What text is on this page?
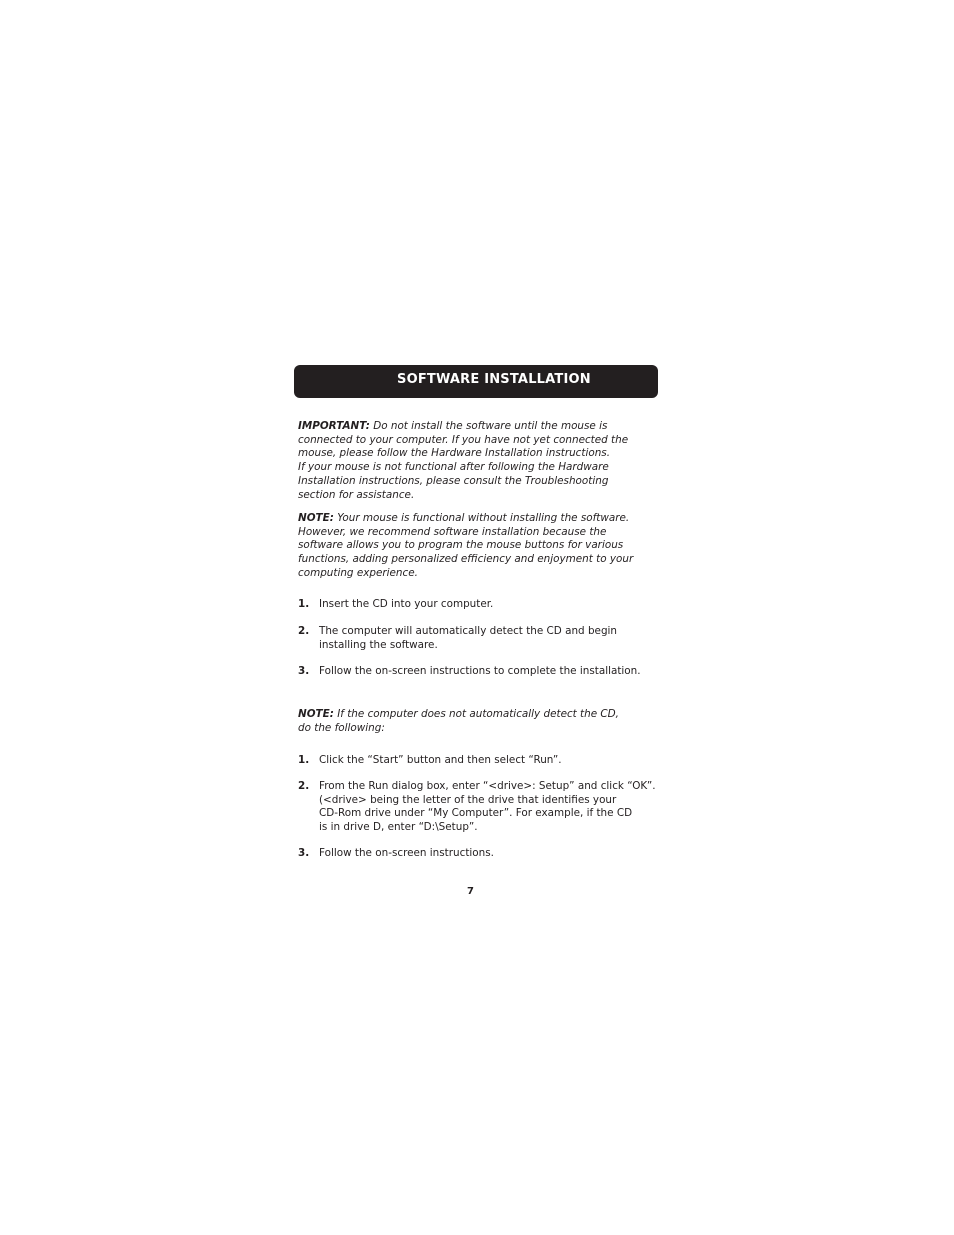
SOFTWARE INSTALLATION
IMPORTANT: Do not install the software until the mouse is
connected to your computer. If you have not yet connected the
mouse, please follow the Hardware Installation instructions.
If your mouse is not functional after following the Hardware
Installation instructions, please consult the Troubleshooting
section for assistance.
NOTE: Your mouse is functional without installing the software.
However, we recommend software installation because the
software allows you to program the mouse buttons for various
functions, adding personalized efficiency and enjoyment to your
computing experience.
1. Insert the CD into your computer.
2. The computer will automatically detect the CD and begin
installing the software.
3. Follow the on-screen instructions to complete the installation.
NOTE: If the computer does not automatically detect the CD,
do the following:
1. Click the “Start” button and then select “Run”.
2. From the Run dialog box, enter “<drive>: Setup” and click “OK”.
(<drive> being the letter of the drive that identifies your
CD-Rom drive under “My Computer”. For example, if the CD
is in drive D, enter “D:\Setup”.
3. Follow the on-screen instructions.
7
